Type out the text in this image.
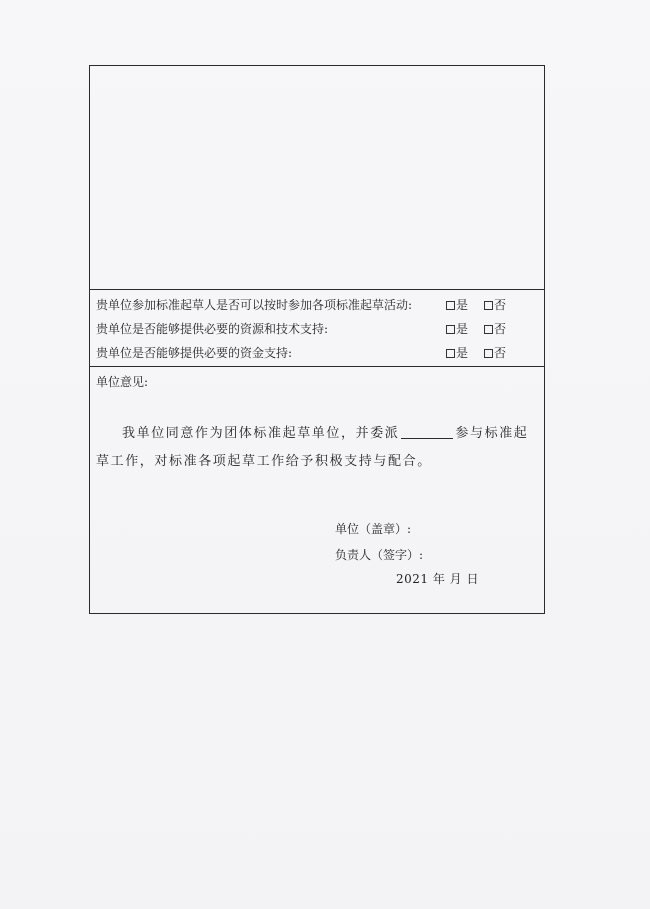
贵单位参加标准起草人是否可以按时参加各项标准起草活动:	是	否
贵单位是否能够提供必要的资源和技术支持:	是	否
贵单位是否能够提供必要的资金支持:	是	否
单位意见:
我单位同意作为团体标准起草单位，并委派	参与标准起
草工作，对标准各项起草工作给予积极支持与配合。
单位（盖章）:
负责人（签字）:
2021 年 月 日
